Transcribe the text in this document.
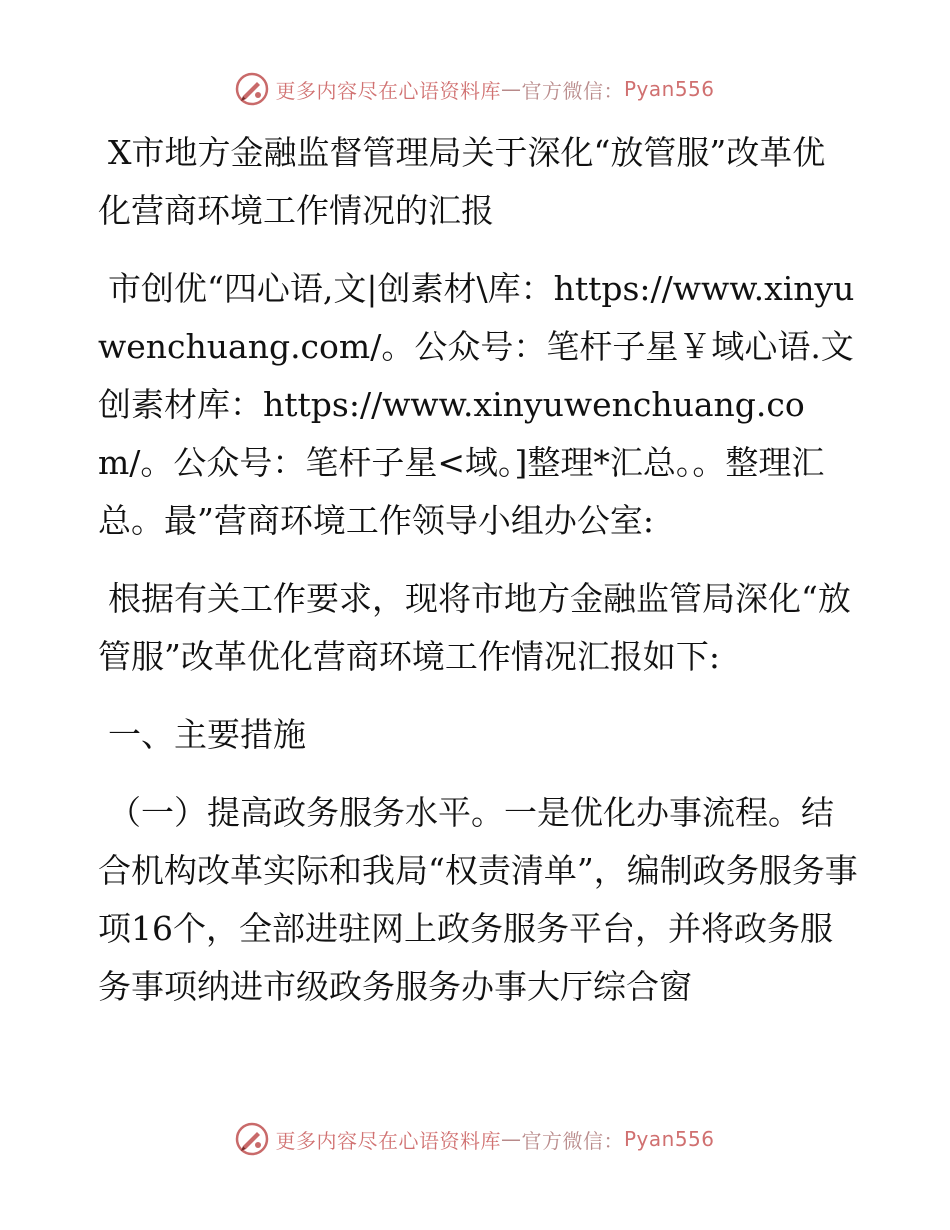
更多内容尽在心语资料库 — 官方微信： Pyan556

X市地方金融监督管理局关于深化“放管服”改革优化营商环境工作情况的汇报

市创优“四心语,文|创素材\库：https://www.xinyuwenchuang.com/。公众号：笔杆子星￥域心语.文创素材库：https://www.xinyuwenchuang.com/。公众号：笔杆子星<域。]整理*汇总。。整理汇总。最”营商环境工作领导小组办公室:

根据有关工作要求，现将市地方金融监管局深化“放管服”改革优化营商环境工作情况汇报如下:

一、主要措施

（一）提高政务服务水平。一是优化办事流程。结合机构改革实际和我局“权责清单”，编制政务服务事项16个，全部进驻网上政务服务平台，并将政务服务事项纳进市级政务服务办事大厅综合窗

更多内容尽在心语资料库 — 官方微信： Pyan556
